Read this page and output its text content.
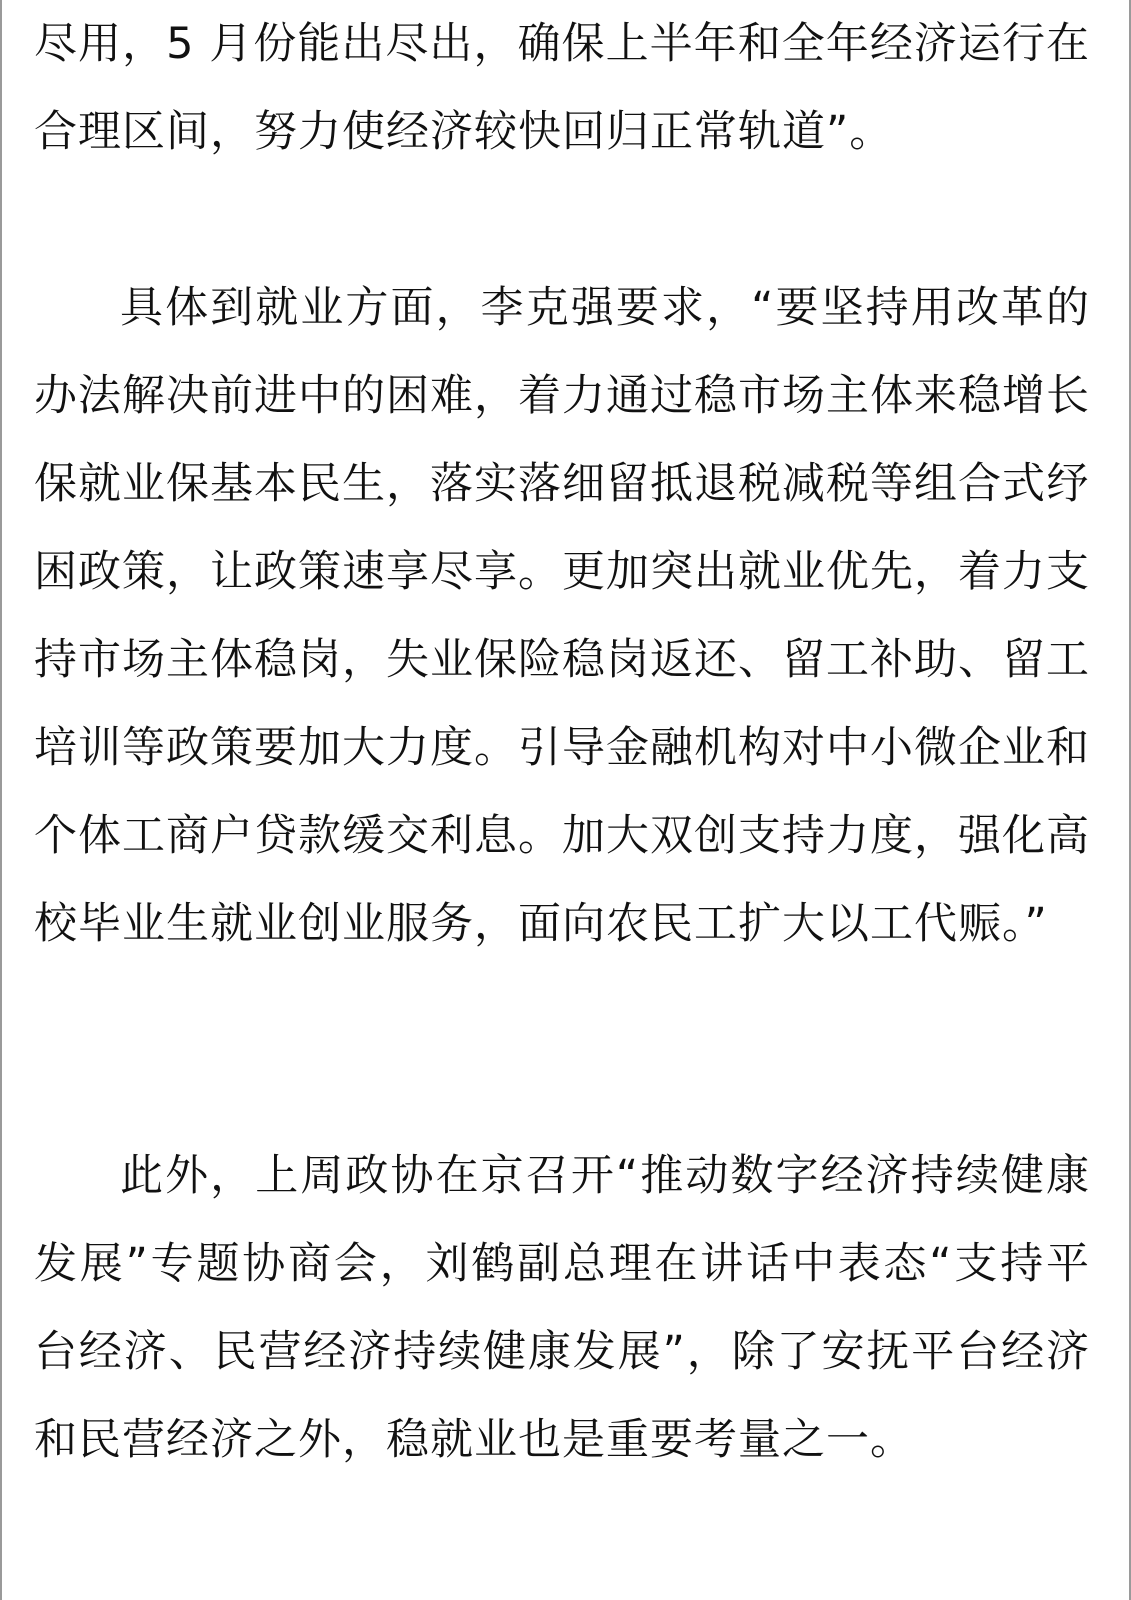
尽用，5 月份能出尽出，确保上半年和全年经济运行在合理区间，努力使经济较快回归正常轨道”。

具体到就业方面，李克强要求，“要坚持用改革的办法解决前进中的困难，着力通过稳市场主体来稳增长保就业保基本民生，落实落细留抵退税减税等组合式纾困政策，让政策速享尽享。更加突出就业优先，着力支持市场主体稳岗，失业保险稳岗返还、留工补助、留工培训等政策要加大力度。引导金融机构对中小微企业和个体工商户贷款缓交利息。加大双创支持力度，强化高校毕业生就业创业服务，面向农民工扩大以工代赈。”

此外，上周政协在京召开“推动数字经济持续健康发展”专题协商会，刘鹤副总理在讲话中表态“支持平台经济、民营经济持续健康发展”，除了安抚平台经济和民营经济之外，稳就业也是重要考量之一。
